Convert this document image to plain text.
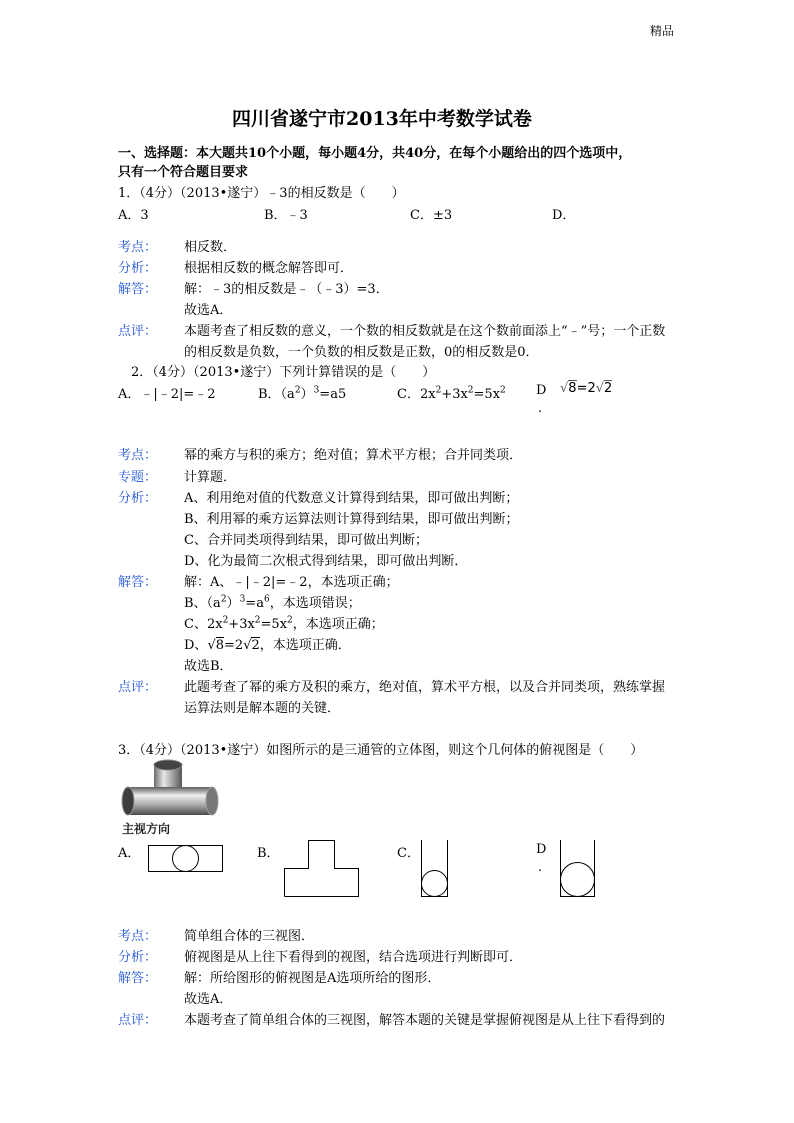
精品
四川省遂宁市2013年中考数学试卷
一、选择题：本大题共10个小题，每小题4分，共40分，在每个小题给出的四个选项中，
只有一个符合题目要求
1．（4分）（2013•遂宁）﹣3的相反数是（　　）
A．3	B．﹣3	C．±3	D．
考点： 相反数．
分析： 根据相反数的概念解答即可．
解答： 解：﹣3的相反数是﹣（﹣3）=3．
故选A．
点评： 本题考查了相反数的意义，一个数的相反数就是在这个数前面添上“﹣”号；一个正数
的相反数是负数，一个负数的相反数是正数，0的相反数是0．
2．（4分）（2013•遂宁）下列计算错误的是（　　）
A．﹣|﹣2|=﹣2	B．$(a^2)^3=a5$	C．$2x^2+3x^2=5x^2$ D
.
√8=2√2
考点： 幂的乘方与积的乘方；绝对值；算术平方根；合并同类项．
专题： 计算题．
分析： A、利用绝对值的代数意义计算得到结果，即可做出判断；
B、利用幂的乘方运算法则计算得到结果，即可做出判断；
C、合并同类项得到结果，即可做出判断；
D、化为最简二次根式得到结果，即可做出判断．
解答： 解：A、﹣|﹣2|=﹣2，本选项正确；
B、$(a^2)^3=a^6$，本选项错误；
C、$2x^2+3x^2=5x^2$，本选项正确；
D、√8=2√2，本选项正确．
故选B．
点评： 此题考查了幂的乘方及积的乘方，绝对值，算术平方根，以及合并同类项，熟练掌握
运算法则是解本题的关键．
3．（4分）（2013•遂宁）如图所示的是三通管的立体图，则这个几何体的俯视图是（　　）
主视方向
A．	B．	C．	D
.
考点： 简单组合体的三视图．
分析： 俯视图是从上往下看得到的视图，结合选项进行判断即可．
解答： 解：所给图形的俯视图是A选项所给的图形．
故选A．
点评： 本题考查了简单组合体的三视图，解答本题的关键是掌握俯视图是从上往下看得到的
